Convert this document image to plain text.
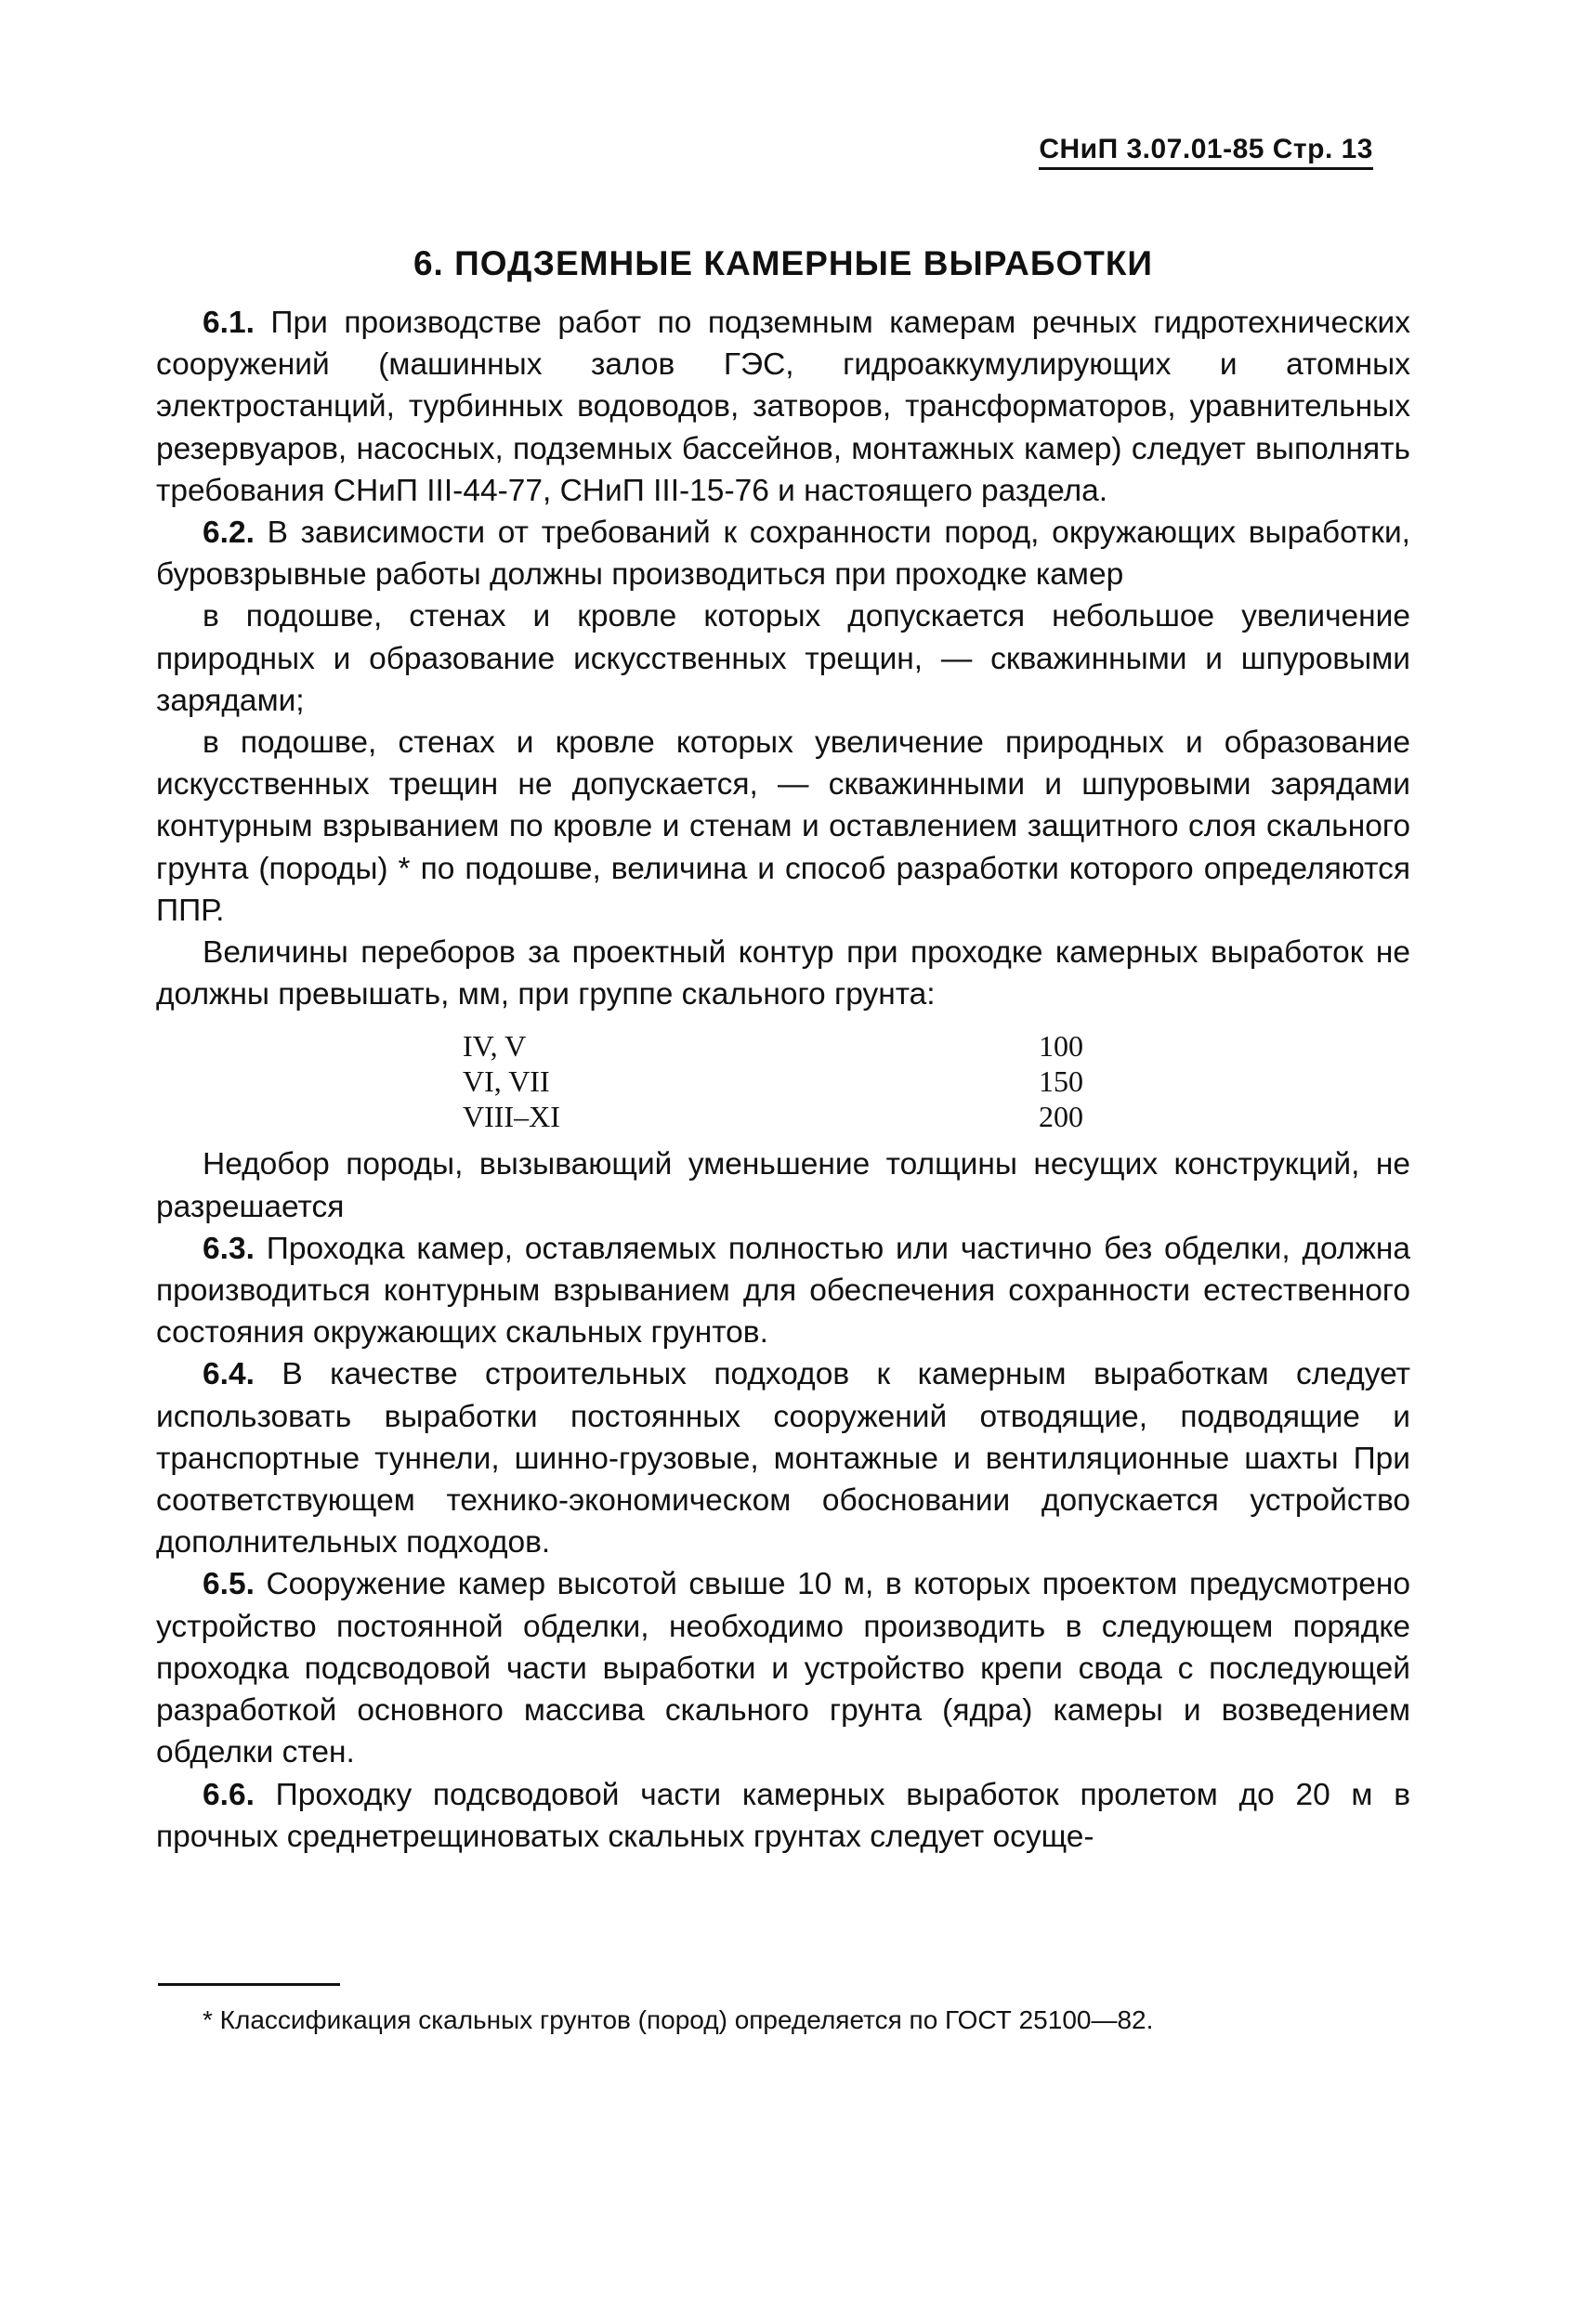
СНиП 3.07.01-85 Стр. 13
6. ПОДЗЕМНЫЕ КАМЕРНЫЕ ВЫРАБОТКИ

6.1. При производстве работ по подземным камерам речных гидротехнических сооружений (машинных залов ГЭС, гидроаккумулирующих и атомных электростанций, турбинных водоводов, затворов, трансформаторов, уравнительных резервуаров, насосных, подземных бассейнов, монтажных камер) следует выполнять требования СНиП III-44-77, СНиП III-15-76 и настоящего раздела.

6.2. В зависимости от требований к сохранности пород, окружающих выработки, буровзрывные работы должны производиться при проходке камер

в подошве, стенах и кровле которых допускается небольшое увеличение природных и образование искусственных трещин, — скважинными и шпуровыми зарядами;

в подошве, стенах и кровле которых увеличение природных и образование искусственных трещин не допускается, — скважинными и шпуровыми зарядами контурным взрыванием по кровле и стенам и оставлением защитного слоя скального грунта (породы) * по подошве, величина и способ разработки которого определяются ППР.

Величины переборов за проектный контур при проходке камерных выработок не должны превышать, мм, при группе скального грунта:

IV, V	100
VI, VII	150
VIII–XI	200

Недобор породы, вызывающий уменьшение толщины несущих конструкций, не разрешается

6.3. Проходка камер, оставляемых полностью или частично без обделки, должна производиться контурным взрыванием для обеспечения сохранности естественного состояния окружающих скальных грунтов.

6.4. В качестве строительных подходов к камерным выработкам следует использовать выработки постоянных сооружений отводящие, подводящие и транспортные туннели, шинно-грузовые, монтажные и вентиляционные шахты При соответствующем технико-экономическом обосновании допускается устройство дополнительных подходов.

6.5. Сооружение камер высотой свыше 10 м, в которых проектом предусмотрено устройство постоянной обделки, необходимо производить в следующем порядке проходка подсводовой части выработки и устройство крепи свода с последующей разработкой основного массива скального грунта (ядра) камеры и возведением обделки стен.

6.6. Проходку подсводовой части камерных выработок пролетом до 20 м в прочных среднетрещиноватых скальных грунтах следует осуще-

* Классификация скальных грунтов (пород) определяется по ГОСТ 25100—82.
